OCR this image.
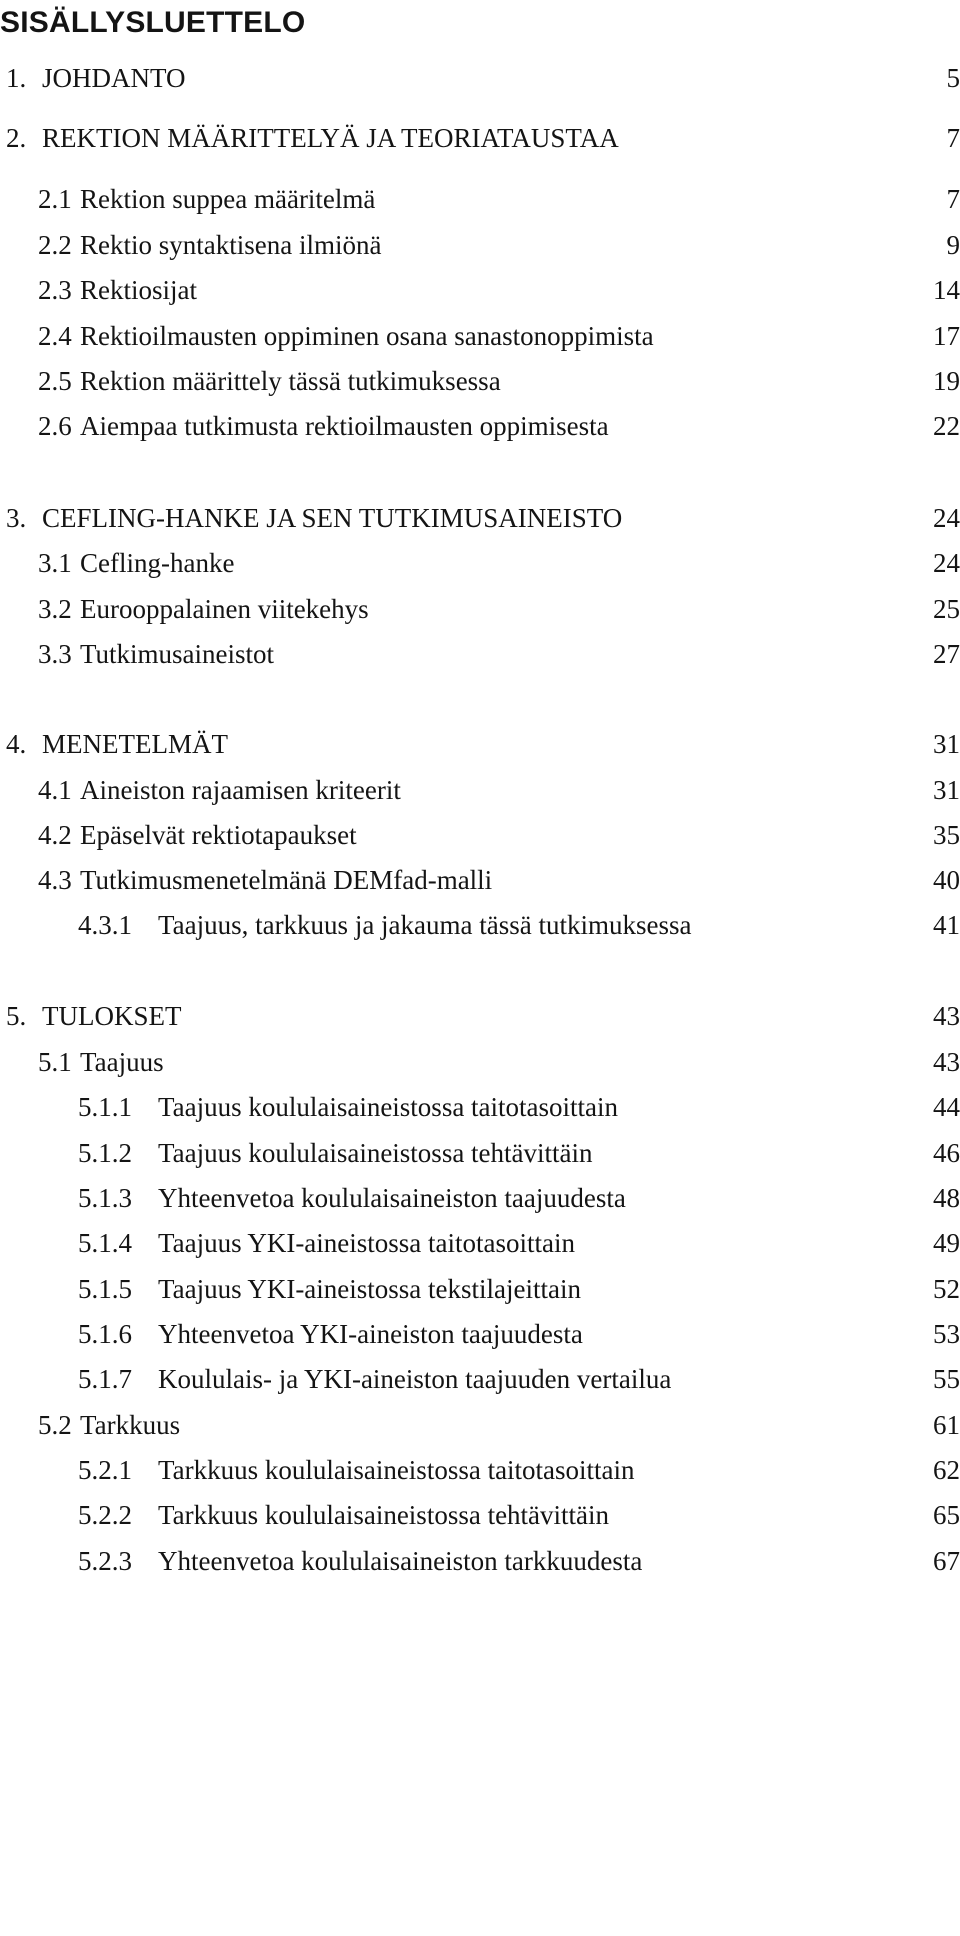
SISÄLLYSLUETTELO
1. JOHDANTO	5
2. REKTION MÄÄRITTELYÄ JA TEORIATAUSTAA	7
2.1 Rektion suppea määritelmä	7
2.2 Rektio syntaktisena ilmiönä	9
2.3 Rektiosijat	14
2.4 Rektioilmausten oppiminen osana sanastonoppimista	17
2.5 Rektion määrittely tässä tutkimuksessa	19
2.6 Aiempaa tutkimusta rektioilmausten oppimisesta	22
3. CEFLING-HANKE JA SEN TUTKIMUSAINEISTO	24
3.1 Cefling-hanke	24
3.2 Eurooppalainen viitekehys	25
3.3 Tutkimusaineistot	27
4. MENETELMÄT	31
4.1 Aineiston rajaamisen kriteerit	31
4.2 Epäselvät rektiotapaukset	35
4.3 Tutkimusmenetelmänä DEMfad-malli	40
4.3.1 Taajuus, tarkkuus ja jakauma tässä tutkimuksessa	41
5. TULOKSET	43
5.1 Taajuus	43
5.1.1 Taajuus koululaisaineistossa taitotasoittain	44
5.1.2 Taajuus koululaisaineistossa tehtävittäin	46
5.1.3 Yhteenvetoa koululaisaineiston taajuudesta	48
5.1.4 Taajuus YKI-aineistossa taitotasoittain	49
5.1.5 Taajuus YKI-aineistossa tekstilajeittain	52
5.1.6 Yhteenvetoa YKI-aineiston taajuudesta	53
5.1.7 Koululais- ja YKI-aineiston taajuuden vertailua	55
5.2 Tarkkuus	61
5.2.1 Tarkkuus koululaisaineistossa taitotasoittain	62
5.2.2 Tarkkuus koululaisaineistossa tehtävittäin	65
5.2.3 Yhteenvetoa koululaisaineiston tarkkuudesta	67
